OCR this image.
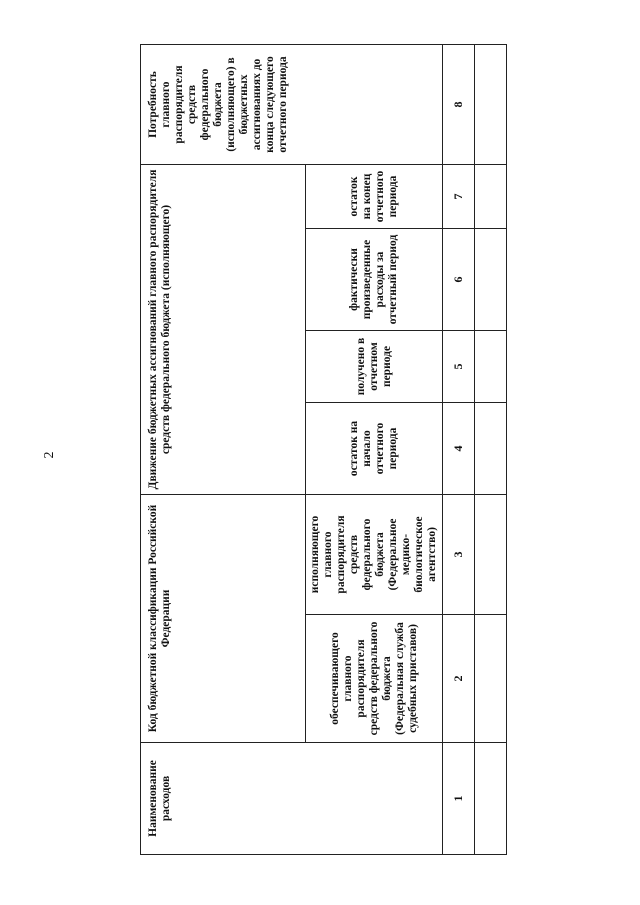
2
Наименование расходов	Код бюджетной классификации Российской Федерации		Движение бюджетных ассигнований главного распорядителя средств федерального бюджета (исполняющего)				Потребность главного распорядителя средств федерального бюджета (исполняющего) в бюджетных ассигнованиях до конца следующего отчетного периода
	обеспечивающего главного распорядителя средств федерального бюджета (Федеральная служба судебных приставов)	исполняющего главного распорядителя средств федерального бюджета (Федеральное медико-биологическое агентство)	остаток на начало отчетного периода	получено в отчетном периоде	фактически произведенные расходы за отчетный период	остаток на конец отчетного периода	
1	2	3	4	5	6	7	8
